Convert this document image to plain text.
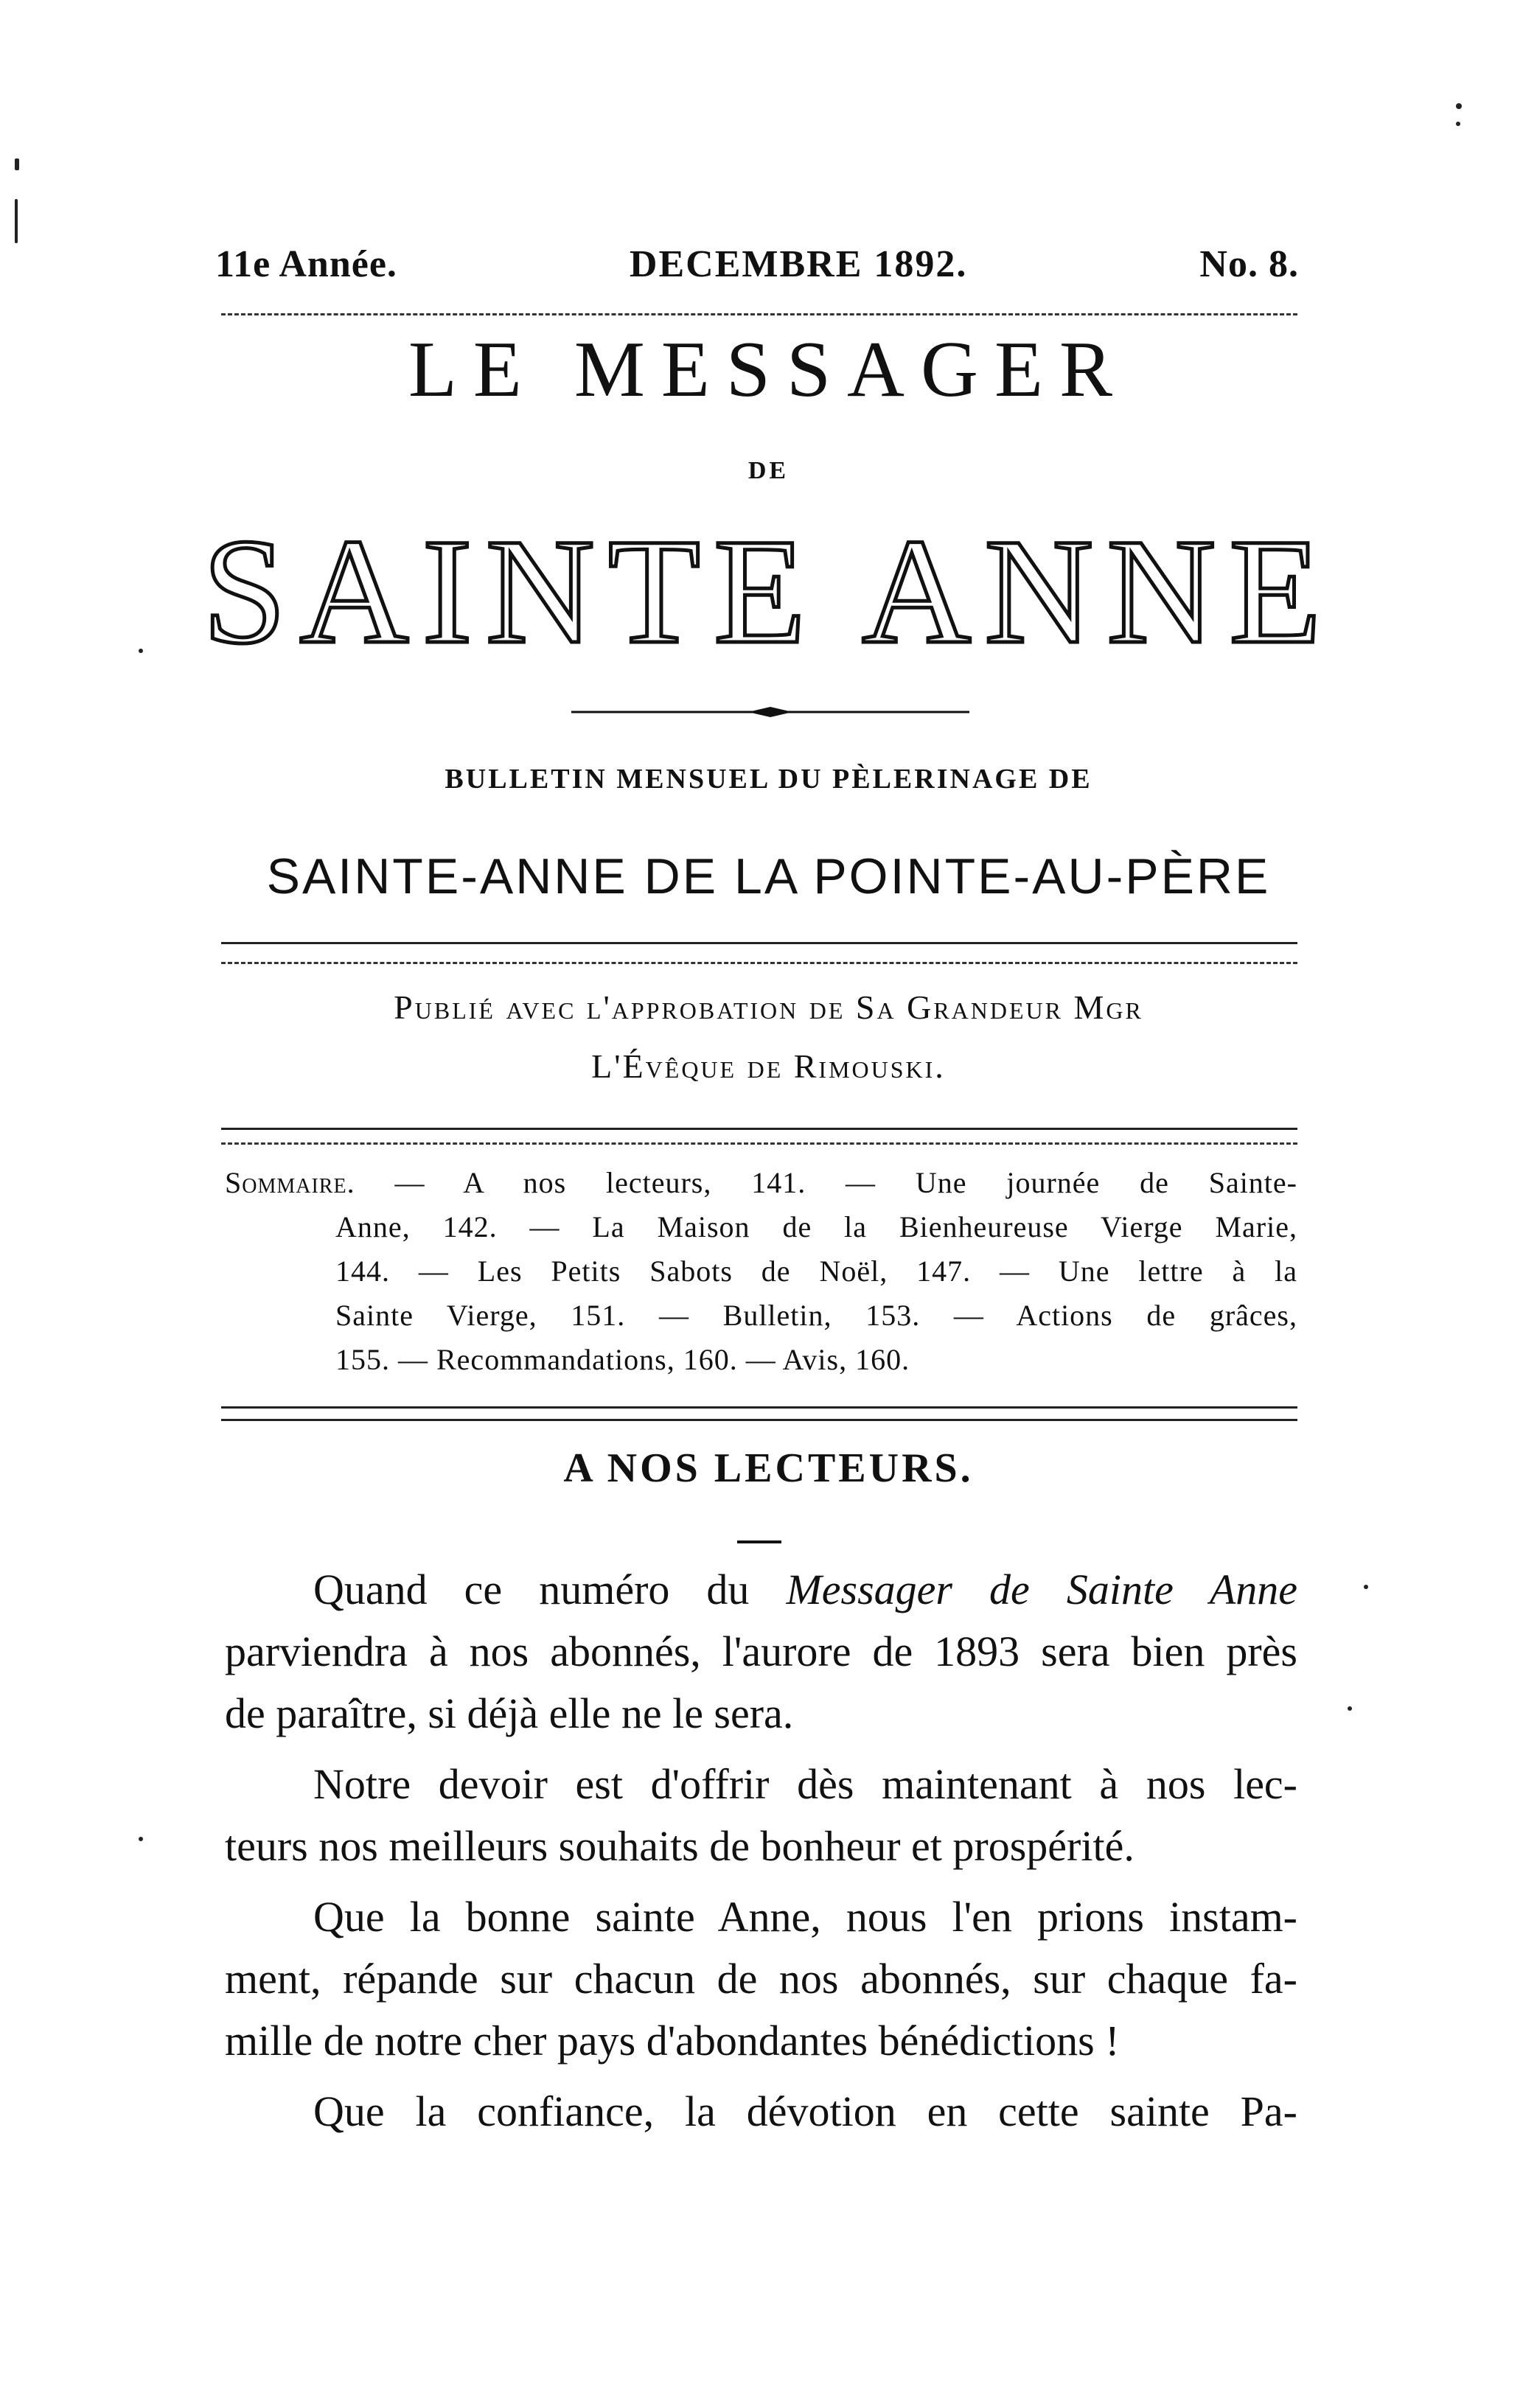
11e Année.	DECEMBRE 1892.	No. 8.
LE MESSAGER
DE
SAINTE ANNE
BULLETIN MENSUEL DU PÈLERINAGE DE
SAINTE-ANNE DE LA POINTE-AU-PÈRE
Publié avec l'approbation de Sa Grandeur Mgr
L'Évêque de Rimouski.
Sommaire. — A nos lecteurs, 141. — Une journée de Sainte-
Anne, 142. — La Maison de la Bienheureuse Vierge Marie,
144. — Les Petits Sabots de Noël, 147. — Une lettre à la
Sainte Vierge, 151. — Bulletin, 153. — Actions de grâces,
155. — Recommandations, 160. — Avis, 160.
A NOS LECTEURS.

Quand ce numéro du Messager de Sainte Anne
parviendra à nos abonnés, l'aurore de 1893 sera bien près
de paraître, si déjà elle ne le sera.

Notre devoir est d'offrir dès maintenant à nos lec-
teurs nos meilleurs souhaits de bonheur et prospérité.

Que la bonne sainte Anne, nous l'en prions instam-
ment, répande sur chacun de nos abonnés, sur chaque fa-
mille de notre cher pays d'abondantes bénédictions !

Que la confiance, la dévotion en cette sainte Pa-
